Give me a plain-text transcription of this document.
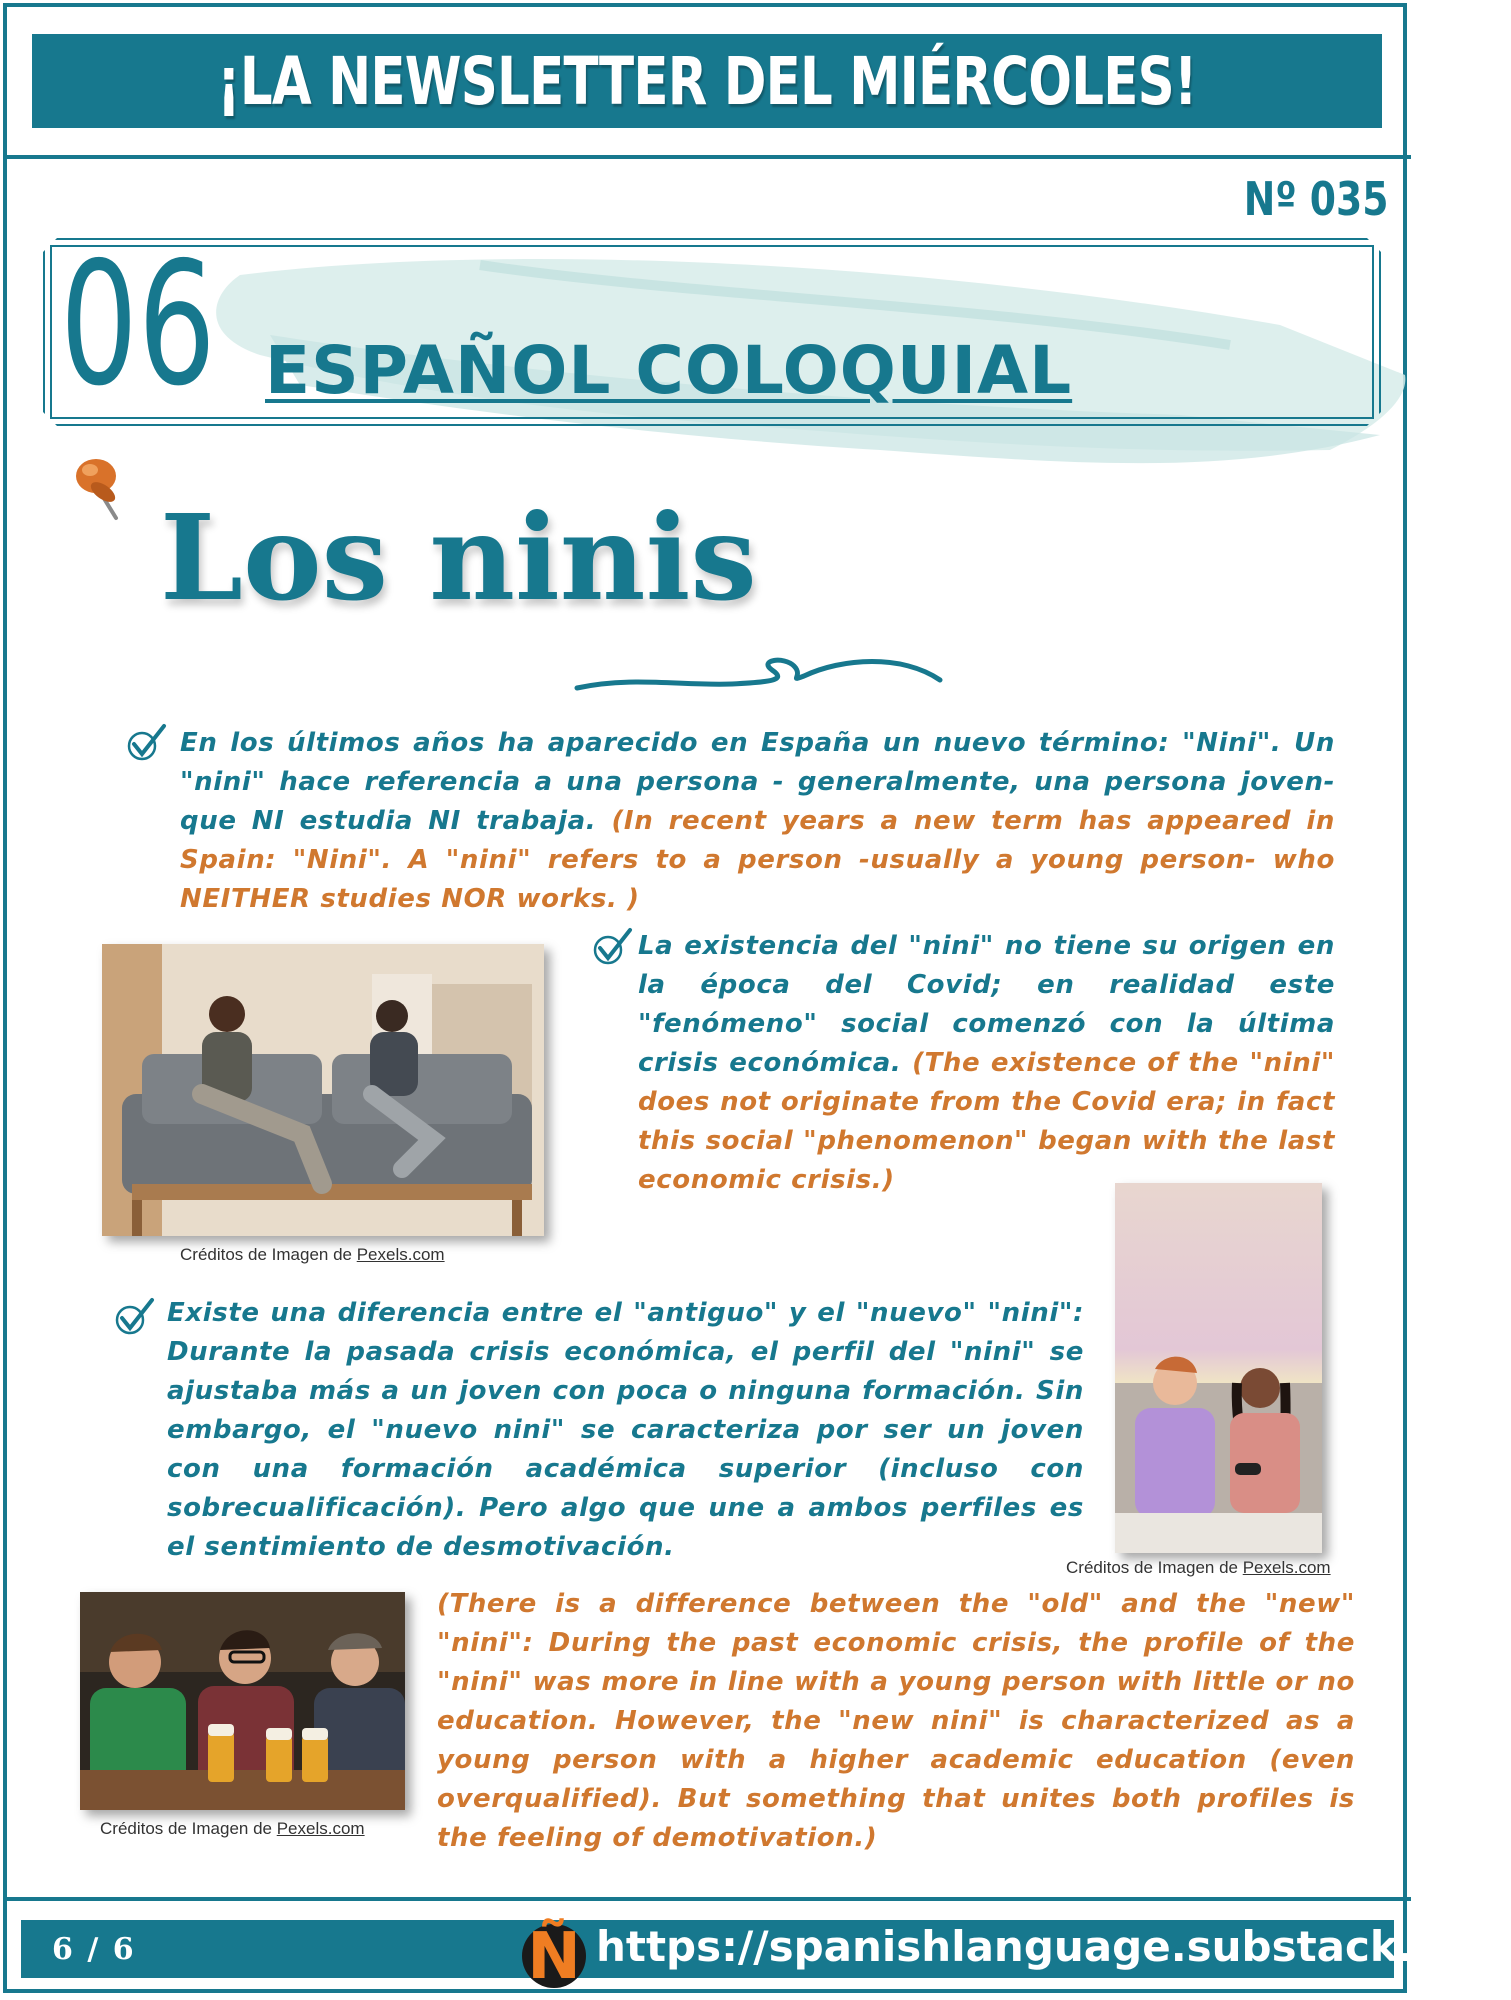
¡LA NEWSLETTER DEL MIÉRCOLES!
Nº 035
06 ESPAÑOL COLOQUIAL
Los ninis

En los últimos años ha aparecido en España un nuevo término: "Nini". Un "nini" hace referencia a una persona - generalmente, una persona joven- que NI estudia NI trabaja. (In recent years a new term has appeared in Spain: "Nini". A "nini" refers to a person -usually a young person- who NEITHER studies NOR works. )

Créditos de Imagen de Pexels.com

La existencia del "nini" no tiene su origen en la época del Covid; en realidad este "fenómeno" social comenzó con la última crisis económica. (The existence of the "nini" does not originate from the Covid era; in fact this social "phenomenon" began with the last economic crisis.)

Créditos de Imagen de Pexels.com

Existe una diferencia entre el "antiguo" y el "nuevo" "nini": Durante la pasada crisis económica, el perfil del "nini" se ajustaba más a un joven con poca o ninguna formación. Sin embargo, el "nuevo nini" se caracteriza por ser un joven con una formación académica superior (incluso con sobrecualificación). Pero algo que une a ambos perfiles es el sentimiento de desmotivación.

Créditos de Imagen de Pexels.com

(There is a difference between the "old" and the "new" "nini": During the past economic crisis, the profile of the "nini" was more in line with a young person with little or no education. However, the "new nini" is characterized as a young person with a higher academic education (even overqualified). But something that unites both profiles is the feeling of demotivation.)

6 / 6	Ñ https://spanishlanguage.substack.com
